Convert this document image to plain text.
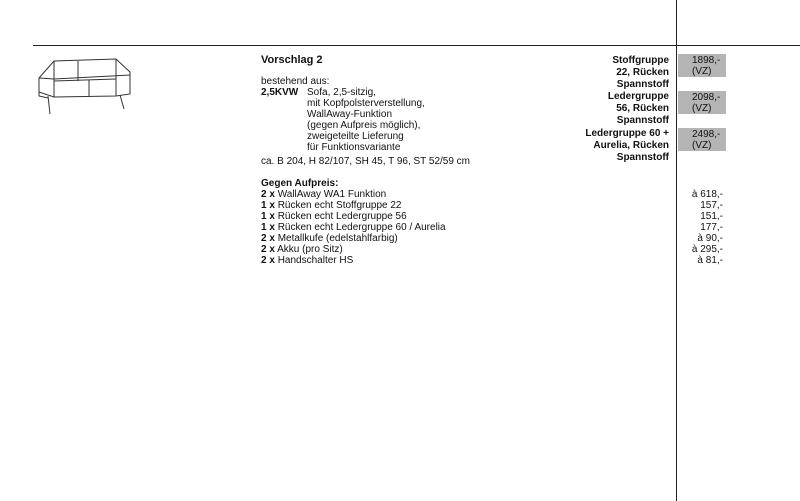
Vorschlag 2
bestehend aus:
2,5KVW Sofa, 2,5-sitzig,
mit Kopfpolsterverstellung,
WallAway-Funktion
(gegen Aufpreis möglich),
zweigeteilte Lieferung
für Funktionsvariante
ca. B 204, H 82/107, SH 45, T 96, ST 52/59 cm
Stoffgruppe
22, Rücken
Spannstoff
1898,-
(VZ)
Ledergruppe
56, Rücken
Spannstoff
2098,-
(VZ)
Ledergruppe 60 +
Aurelia, Rücken
Spannstoff
2498,-
(VZ)
Gegen Aufpreis:
2 x WallAway WA1 Funktion	à 618,-
1 x Rücken echt Stoffgruppe 22	157,-
1 x Rücken echt Ledergruppe 56	151,-
1 x Rücken echt Ledergruppe 60 / Aurelia	177,-
2 x Metallkufe (edelstahlfarbig)	à 90,-
2 x Akku (pro Sitz)	à 295,-
2 x Handschalter HS	à 81,-
